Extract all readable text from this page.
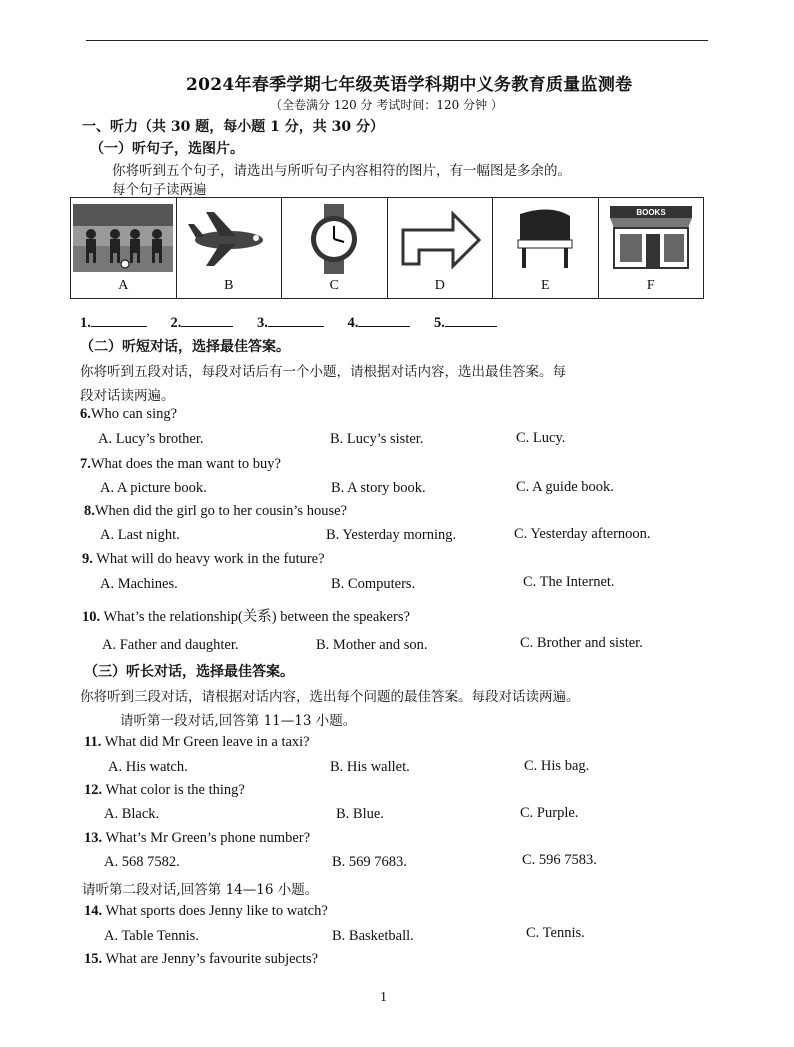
2024年春季学期七年级英语学科期中义务教育质量监测卷
（全卷满分 120 分 考试时间：120 分钟 ）
一、听力（共 30 题，每小题 1 分，共 30 分）
（一）听句子，选图片。
你将听到五个句子，请选出与所听句子内容相符的图片，有一幅图是多余的。
每个句子读两遍
A	B	C	D	E
BOOKS
F
1.	2.	3.	4.	5.
（二）听短对话，选择最佳答案。
你将听到五段对话，每段对话后有一个小题，请根据对话内容，选出最佳答案。每
段对话读两遍。
6.Who can sing?
A. Lucy’s brother.	B. Lucy’s sister.	C. Lucy.
7.What does the man want to buy?
A. A picture book.	B. A story book.	C. A guide book.
8.When did the girl go to her cousin’s house?
A. Last night.	B. Yesterday morning.	C. Yesterday afternoon.
9. What will do heavy work in the future?
A. Machines.	B. Computers.	C. The Internet.
10. What’s the relationship(关系) between the speakers?
A. Father and daughter.	B. Mother and son.	C. Brother and sister.
（三）听长对话，选择最佳答案。
你将听到三段对话，请根据对话内容，选出每个问题的最佳答案。每段对话读两遍。
请听第一段对话,回答第 11—13 小题。
11. What did Mr Green leave in a taxi?
A. His watch.	B. His wallet.	C. His bag.
12. What color is the thing?
A. Black.	B. Blue.	C. Purple.
13. What’s Mr Green’s phone number?
A. 568 7582.	B. 569 7683.	C. 596 7583.
请听第二段对话,回答第 14—16 小题。
14. What sports does Jenny like to watch?
A. Table Tennis.	B. Basketball.	C. Tennis.
15. What are Jenny’s favourite subjects?
1
